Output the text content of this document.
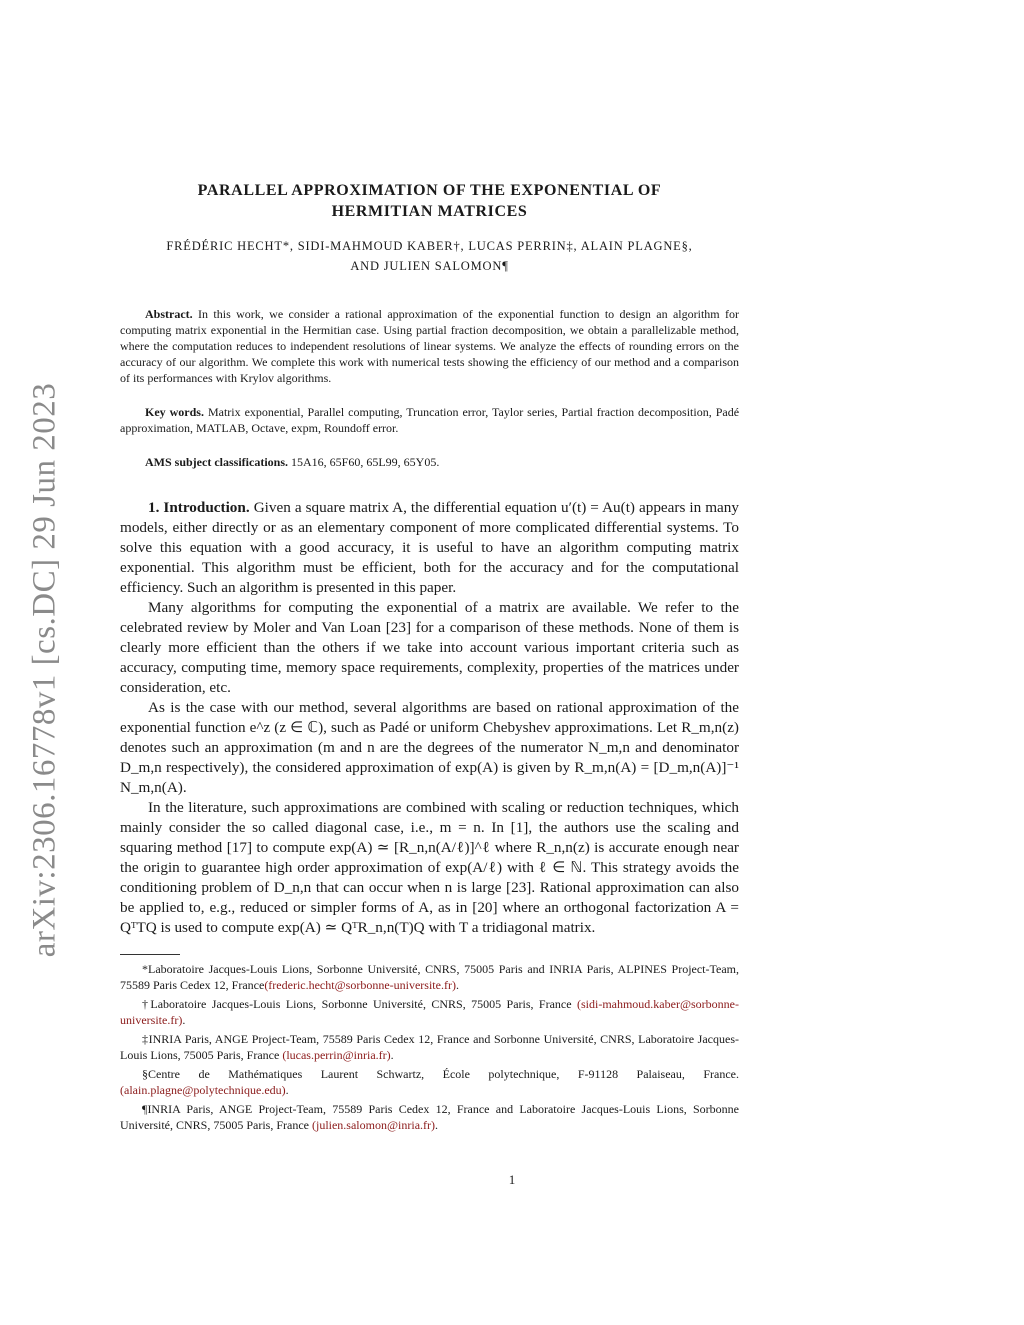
arXiv:2306.16778v1 [cs.DC] 29 Jun 2023
PARALLEL APPROXIMATION OF THE EXPONENTIAL OF
HERMITIAN MATRICES
FRÉDÉRIC HECHT*, SIDI-MAHMOUD KABER†, LUCAS PERRIN‡, ALAIN PLAGNE§,
AND JULIEN SALOMON¶
Abstract. In this work, we consider a rational approximation of the exponential function to design an algorithm for computing matrix exponential in the Hermitian case. Using partial fraction decomposition, we obtain a parallelizable method, where the computation reduces to independent resolutions of linear systems. We analyze the effects of rounding errors on the accuracy of our algorithm. We complete this work with numerical tests showing the efficiency of our method and a comparison of its performances with Krylov algorithms.
Key words. Matrix exponential, Parallel computing, Truncation error, Taylor series, Partial fraction decomposition, Padé approximation, MATLAB, Octave, expm, Roundoff error.
AMS subject classifications. 15A16, 65F60, 65L99, 65Y05.

1. Introduction. Given a square matrix A, the differential equation u′(t) = Au(t) appears in many models, either directly or as an elementary component of more complicated differential systems. To solve this equation with a good accuracy, it is useful to have an algorithm computing matrix exponential. This algorithm must be efficient, both for the accuracy and for the computational efficiency. Such an algorithm is presented in this paper.

Many algorithms for computing the exponential of a matrix are available. We refer to the celebrated review by Moler and Van Loan [23] for a comparison of these methods. None of them is clearly more efficient than the others if we take into account various important criteria such as accuracy, computing time, memory space requirements, complexity, properties of the matrices under consideration, etc.

As is the case with our method, several algorithms are based on rational approximation of the exponential function e^z (z ∈ ℂ), such as Padé or uniform Chebyshev approximations. Let R_m,n(z) denotes such an approximation (m and n are the degrees of the numerator N_m,n and denominator D_m,n respectively), the considered approximation of exp(A) is given by R_m,n(A) = [D_m,n(A)]⁻¹ N_m,n(A).

In the literature, such approximations are combined with scaling or reduction techniques, which mainly consider the so called diagonal case, i.e., m = n. In [1], the authors use the scaling and squaring method [17] to compute exp(A) ≃ [R_n,n(A/ℓ)]^ℓ where R_n,n(z) is accurate enough near the origin to guarantee high order approximation of exp(A/ℓ) with ℓ ∈ ℕ. This strategy avoids the conditioning problem of D_n,n that can occur when n is large [23]. Rational approximation can also be applied to, e.g., reduced or simpler forms of A, as in [20] where an orthogonal factorization A = QᵀTQ is used to compute exp(A) ≃ QᵀR_n,n(T)Q with T a tridiagonal matrix.

*Laboratoire Jacques-Louis Lions, Sorbonne Université, CNRS, 75005 Paris and INRIA Paris, ALPINES Project-Team, 75589 Paris Cedex 12, France(frederic.hecht@sorbonne-universite.fr).

†Laboratoire Jacques-Louis Lions, Sorbonne Université, CNRS, 75005 Paris, France (sidi-mahmoud.kaber@sorbonne-universite.fr).

‡INRIA Paris, ANGE Project-Team, 75589 Paris Cedex 12, France and Sorbonne Université, CNRS, Laboratoire Jacques-Louis Lions, 75005 Paris, France (lucas.perrin@inria.fr).

§Centre de Mathématiques Laurent Schwartz, École polytechnique, F-91128 Palaiseau, France. (alain.plagne@polytechnique.edu).

¶INRIA Paris, ANGE Project-Team, 75589 Paris Cedex 12, France and Laboratoire Jacques-Louis Lions, Sorbonne Université, CNRS, 75005 Paris, France (julien.salomon@inria.fr).

1
